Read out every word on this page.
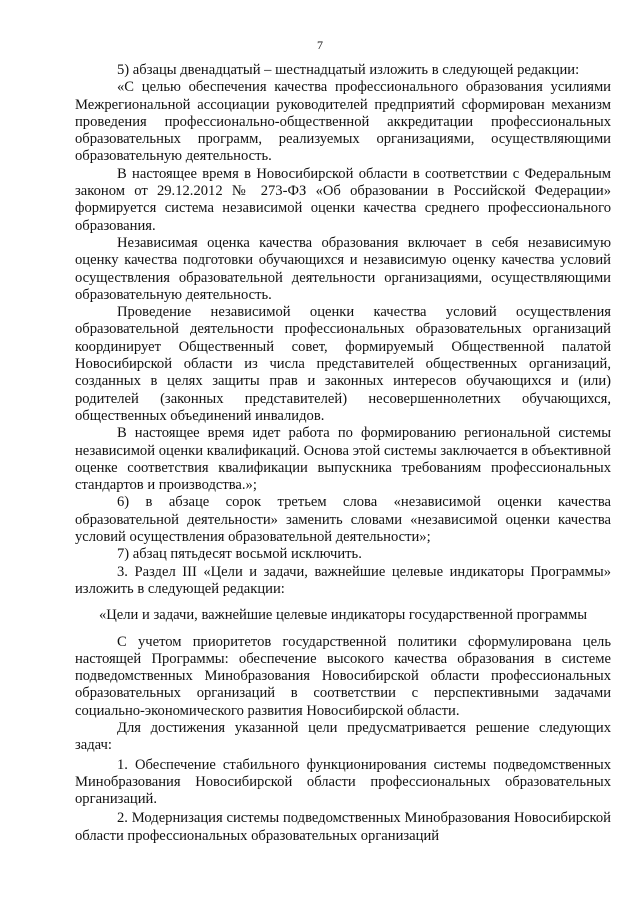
7

5) абзацы двенадцатый – шестнадцатый изложить в следующей редакции:

«С целью обеспечения качества профессионального образования усилиями Межрегиональной ассоциации руководителей предприятий сформирован механизм проведения профессионально-общественной аккредитации профессиональных образовательных программ, реализуемых организациями, осуществляющими образовательную деятельность.

В настоящее время в Новосибирской области в соответствии с Федеральным законом от 29.12.2012 № 273-ФЗ «Об образовании в Российской Федерации» формируется система независимой оценки качества среднего профессионального образования.

Независимая оценка качества образования включает в себя независимую оценку качества подготовки обучающихся и независимую оценку качества условий осуществления образовательной деятельности организациями, осуществляющими образовательную деятельность.

Проведение независимой оценки качества условий осуществления образовательной деятельности профессиональных образовательных организаций координирует Общественный совет, формируемый Общественной палатой Новосибирской области из числа представителей общественных организаций, созданных в целях защиты прав и законных интересов обучающихся и (или) родителей (законных представителей) несовершеннолетних обучающихся, общественных объединений инвалидов.

В настоящее время идет работа по формированию региональной системы независимой оценки квалификаций. Основа этой системы заключается в объективной оценке соответствия квалификации выпускника требованиям профессиональных стандартов и производства.»;

6) в абзаце сорок третьем слова «независимой оценки качества образовательной деятельности» заменить словами «независимой оценки качества условий осуществления образовательной деятельности»;

7) абзац пятьдесят восьмой исключить.

3. Раздел III «Цели и задачи, важнейшие целевые индикаторы Программы» изложить в следующей редакции:

«Цели и задачи, важнейшие целевые индикаторы государственной программы

С учетом приоритетов государственной политики сформулирована цель настоящей Программы: обеспечение высокого качества образования в системе подведомственных Минобразования Новосибирской области профессиональных образовательных организаций в соответствии с перспективными задачами социально-экономического развития Новосибирской области.

Для достижения указанной цели предусматривается решение следующих задач:

1. Обеспечение стабильного функционирования системы подведомственных Минобразования Новосибирской области профессиональных образовательных организаций.

2. Модернизация системы подведомственных Минобразования Новосибирской области профессиональных образовательных организаций
